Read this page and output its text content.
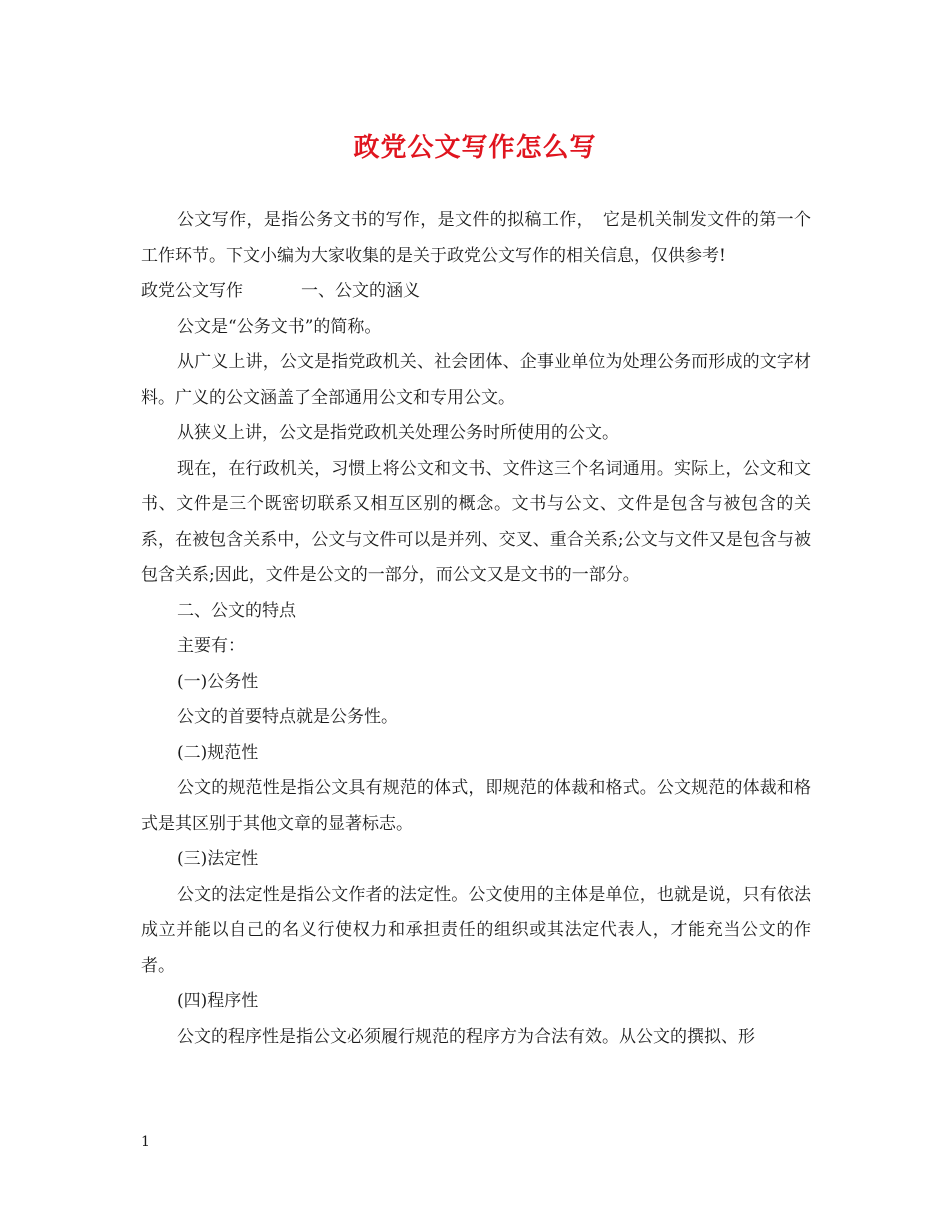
政党公文写作怎么写

公文写作，是指公务文书的写作，是文件的拟稿工作，　它是机关制发文件的第一个工作环节。下文小编为大家收集的是关于政党公文写作的相关信息，仅供参考!

政党公文写作	一、公文的涵义

公文是“公务文书”的简称。

从广义上讲，公文是指党政机关、社会团体、企事业单位为处理公务而形成的文字材料。广义的公文涵盖了全部通用公文和专用公文。

从狭义上讲，公文是指党政机关处理公务时所使用的公文。

现在，在行政机关，习惯上将公文和文书、文件这三个名词通用。实际上，公文和文书、文件是三个既密切联系又相互区别的概念。文书与公文、文件是包含与被包含的关系，在被包含关系中，公文与文件可以是并列、交叉、重合关系;公文与文件又是包含与被包含关系;因此，文件是公文的一部分，而公文又是文书的一部分。

二、公文的特点

主要有：

(一)公务性

公文的首要特点就是公务性。

(二)规范性

公文的规范性是指公文具有规范的体式，即规范的体裁和格式。公文规范的体裁和格式是其区别于其他文章的显著标志。

(三)法定性

公文的法定性是指公文作者的法定性。公文使用的主体是单位，也就是说，只有依法成立并能以自己的名义行使权力和承担责任的组织或其法定代表人，才能充当公文的作者。

(四)程序性

公文的程序性是指公文必须履行规范的程序方为合法有效。从公文的撰拟、形

1
